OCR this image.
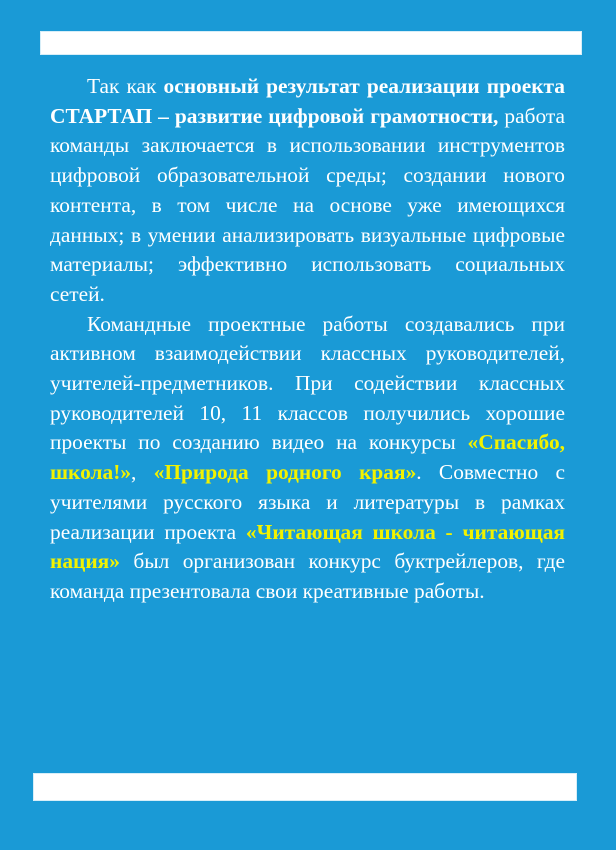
Так как основный результат реализации проекта СТАРТАП – развитие цифровой грамотности, работа команды заключается в использовании инструментов цифровой образовательной среды; создании нового контента, в том числе на основе уже имеющихся данных; в умении анализировать визуальные цифровые материалы; эффективно использовать социальных сетей.

Командные проектные работы создавались при активном взаимодействии классных руководителей, учителей-предметников. При содействии классных руководителей 10, 11 классов получились хорошие проекты по созданию видео на конкурсы «Спасибо, школа!», «Природа родного края». Совместно с учителями русского языка и литературы в рамках реализации проекта «Читающая школа - читающая нация» был организован конкурс буктрейлеров, где команда презентовала свои креативные работы.
